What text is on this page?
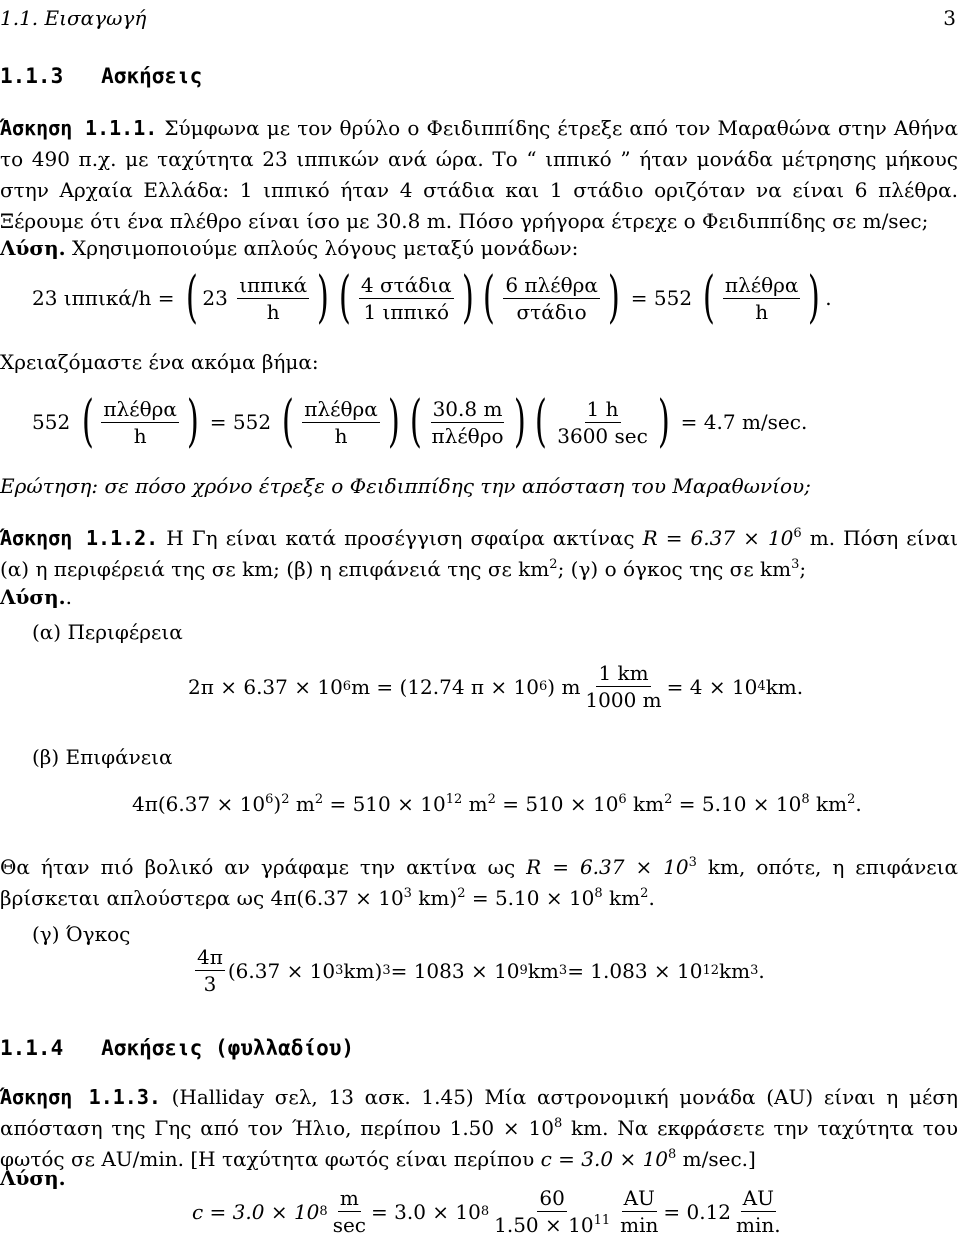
1.1. Εισαγωγή	3
1.1.3 Ασκήσεις
Άσκηση 1.1.1. Σύμφωνα με τον θρύλο ο Φειδιππίδης έτρεξε από τον Μαραθώνα στην Αθήνα το 490 π.χ. με ταχύτητα 23 ιππικών ανά ώρα. Το “ ιππικό ” ήταν μονάδα μέτρησης μήκους στην Αρχαία Ελλάδα: 1 ιππικό ήταν 4 στάδια και 1 στάδιο οριζόταν να είναι 6 πλέθρα. Ξέρουμε ότι ένα πλέθρο είναι ίσο με 30.8 m. Πόσο γρήγορα έτρεχε ο Φειδιππίδης σε m/sec;
Λύση. Χρησιμοποιούμε απλούς λόγους μεταξύ μονάδων:
23 ιππικά/h = ( 23
$\frac{\text{ιππικά}}{h}$
) ( $\frac{\text{4 στάδια}}{\text{1 ιππικό}}$
) ( $\frac{\text{6 πλέθρα}}{\text{στάδιο}}$
) = 552 ( $\frac{\text{πλέθρα}}{h}$
) .
Χρειαζόμαστε ένα ακόμα βήμα:
552
( $\frac{\text{πλέθρα}}{h}$
) = 552
( $\frac{\text{πλέθρα}}{h}$
) ( $\frac{30.8 m}{\text{πλέθρο}}$
) ( $\frac{1 h}{3600 \sec}$
) = 4.7 m/sec.
Ερώτηση: σε πόσο χρόνο έτρεξε ο Φειδιππίδης την απόσταση του Μαραθωνίου;
Άσκηση 1.1.2. Η Γη είναι κατά προσέγγιση σφαίρα ακτίνας $R = 6.37 \times 10^6$ m. Πόση είναι (α) η περιφέρειά της σε km; (β) η επιφάνειά της σε $km^2$; (γ) ο όγκος της σε $km^3$;
Λύση..
(α) Περιφέρεια
2π × 6.37 × 10 6 m = (12.74 π × 10 6 ) m $\frac{1 km}{1000 m} = 4 \times 10$ 4 km.
(β) Επιφάνεια
$4\pi(6.37 \times 10^6)^2$ $m^2 = 510 \times 10^{12}$ $m^2 = 510 \times 10^6$ $km^2 = 5.10 \times 10^8$ $km^2$.
Θα ήταν πιό βολικό αν γράφαμε την ακτίνα ως $R = 6.37 \times 10^3$ km, οπότε, η επιφάνεια βρίσκεται απλούστερα ως $4\pi(6.37 \times 10^3$ $km)^2 = 5.10 \times 10^8$ $km^2$.
(γ) Όγκος
$\frac{4\pi}{3} (6.37 \times 10$ 3 km) 3 = 1083 × 10 9 km 3 = 1.083 × 10 12 km 3 .
1.1.4 Ασκήσεις (φυλλαδίου)
Άσκηση 1.1.3. (Halliday σελ, 13 ασκ. 1.45) Μία αστρονομική μονάδα (AU) είναι η μέση απόσταση της Γης από τον Ήλιο, περίπου $1.50 \times 10^8$ km. Να εκφράσετε την ταχύτητα του φωτός σε AU/min. [Η ταχύτητα φωτός είναι περίπου $c = 3.0 \times 10^8$ m/sec.]
Λύση.
c = 3.0 × 10 $8 \frac{m}{\sec} = 3.0 \times 10$ $8 \frac{60}{1.50 \times 10^{11}} \frac{AU}{\min} = 0.12 \frac{AU}{\min.}$
